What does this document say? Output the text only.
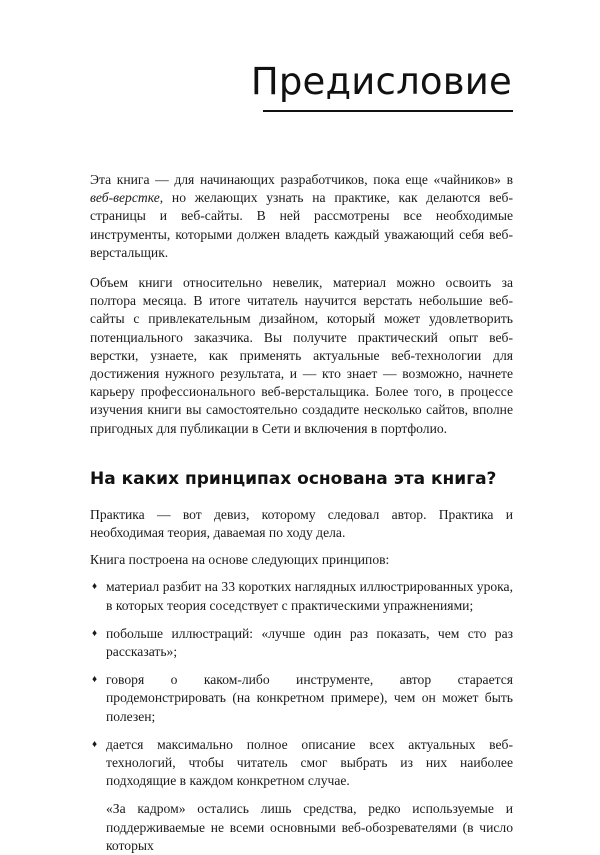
Предисловие

Эта книга — для начинающих разработчиков, пока еще «чайников» в веб-верстке, но желающих узнать на практике, как делаются веб-страницы и веб-сайты. В ней рассмотрены все необходимые инструменты, которыми должен владеть каждый уважающий себя веб-верстальщик.

Объем книги относительно невелик, материал можно освоить за полтора месяца. В итоге читатель научится верстать небольшие веб-сайты с привлекательным дизайном, который может удовлетворить потенциального заказчика. Вы получите практический опыт веб-верстки, узнаете, как применять актуальные веб-технологии для достижения нужного результата, и — кто знает — возможно, начнете карьеру профессионального веб-верстальщика. Более того, в процессе изучения книги вы самостоятельно создадите несколько сайтов, вполне пригодных для публикации в Сети и включения в портфолио.

На каких принципах основана эта книга?

Практика — вот девиз, которому следовал автор. Практика и необходимая теория, даваемая по ходу дела.

Книга построена на основе следующих принципов:

♦ материал разбит на 33 коротких наглядных иллюстрированных урока, в которых теория соседствует с практическими упражнениями;
♦ побольше иллюстраций: «лучше один раз показать, чем сто раз рассказать»;
♦ говоря о каком-либо инструменте, автор старается продемонстрировать (на конкретном примере), чем он может быть полезен;
♦ дается максимально полное описание всех актуальных веб-технологий, чтобы читатель смог выбрать из них наиболее подходящие в каждом конкретном случае.

«За кадром» остались лишь средства, редко используемые и поддерживаемые не всеми основными веб-обозревателями (в число которых
